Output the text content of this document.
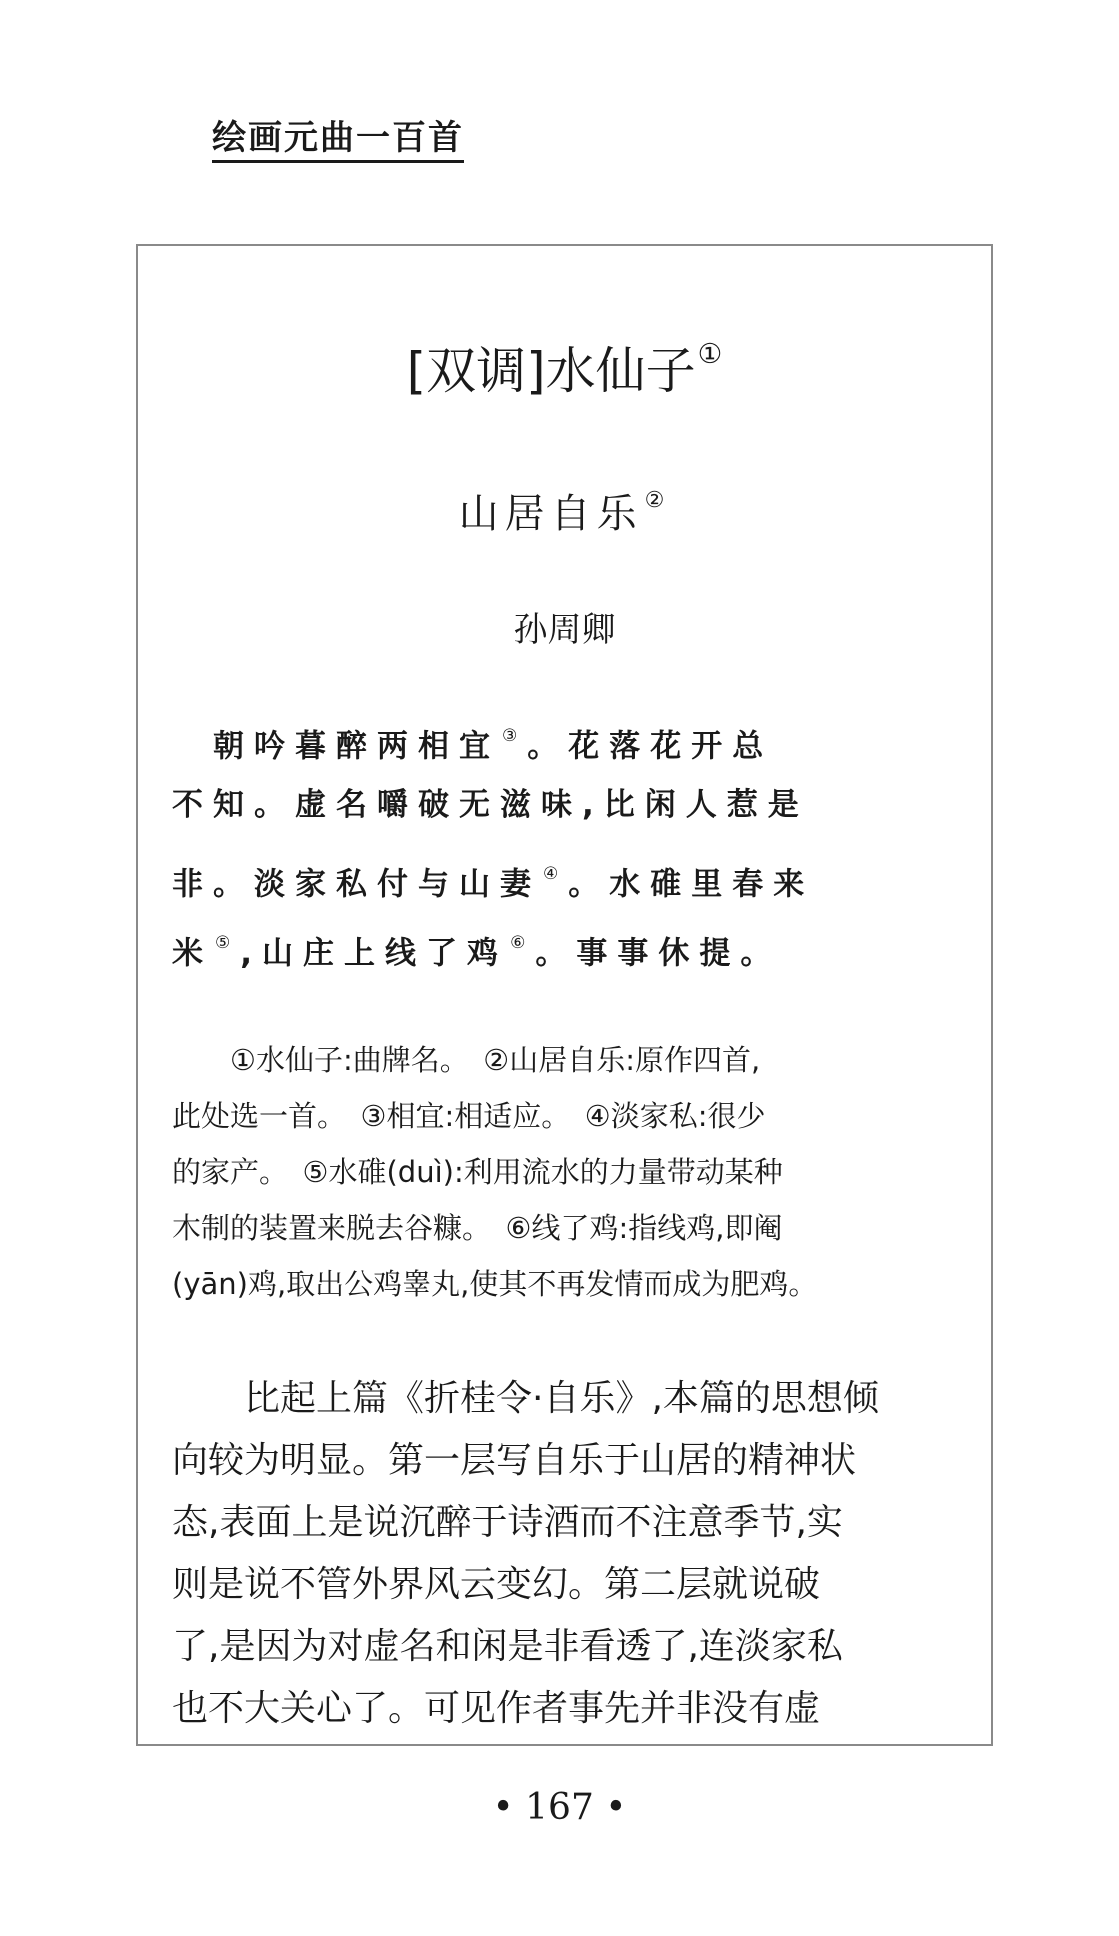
绘画元曲一百首
[双调]水仙子①
山居自乐②
孙周卿
　朝吟暮醉两相宜 ③。花落花开总
不知。虚名嚼破无滋味,比闲人惹是
非。淡家私付与山妻 ④。水碓里春来
米 ⑤,山庄上线了鸡 ⑥。事事休提。
　　①水仙子:曲牌名。　②山居自乐:原作四首,
此处选一首。　③相宜:相适应。　④淡家私:很少
的家产。　⑤水碓(duì):利用流水的力量带动某种
木制的装置来脱去谷糠。　⑥线了鸡:指线鸡,即阉
(yān)鸡,取出公鸡睾丸,使其不再发情而成为肥鸡。
　　比起上篇《折桂令·自乐》,本篇的思想倾
向较为明显。第一层写自乐于山居的精神状
态,表面上是说沉醉于诗酒而不注意季节,实
则是说不管外界风云变幻。第二层就说破
了,是因为对虚名和闲是非看透了,连淡家私
也不大关心了。可见作者事先并非没有虚
• 167 •
